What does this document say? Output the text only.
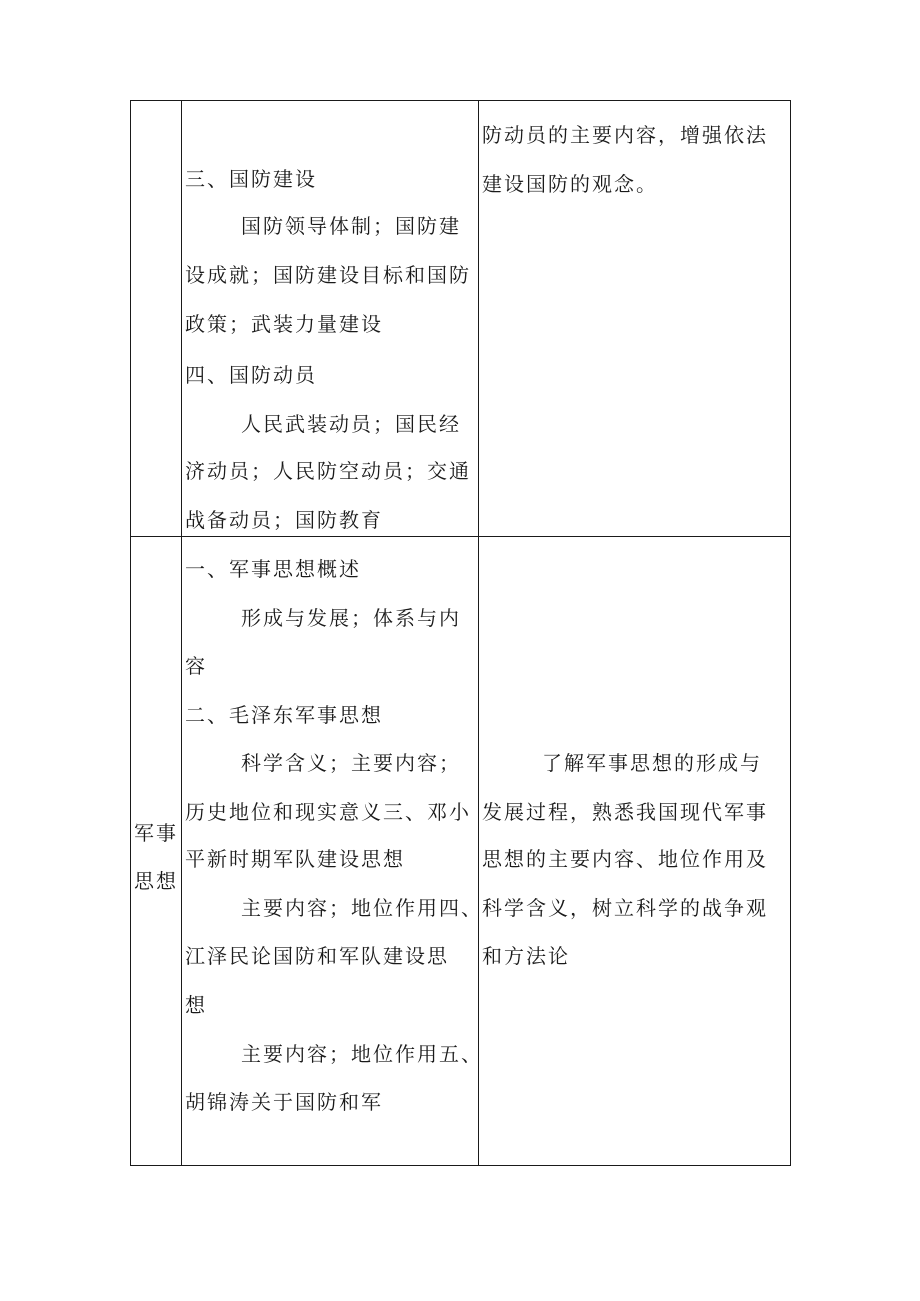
三、国防建设
国防领导体制；国防建
设成就；国防建设目标和国防
政策；武装力量建设
四、国防动员
人民武装动员；国民经
济动员；人民防空动员；交通
战备动员；国防教育
防动员的主要内容，增强依法
建设国防的观念。
军事
思想
一、军事思想概述
形成与发展；体系与内
容
二、毛泽东军事思想
科学含义；主要内容；
历史地位和现实意义三、邓小
平新时期军队建设思想
主要内容；地位作用四、
江泽民论国防和军队建设思
想
主要内容；地位作用五、
胡锦涛关于国防和军
了解军事思想的形成与
发展过程，熟悉我国现代军事
思想的主要内容、地位作用及
科学含义，树立科学的战争观
和方法论
